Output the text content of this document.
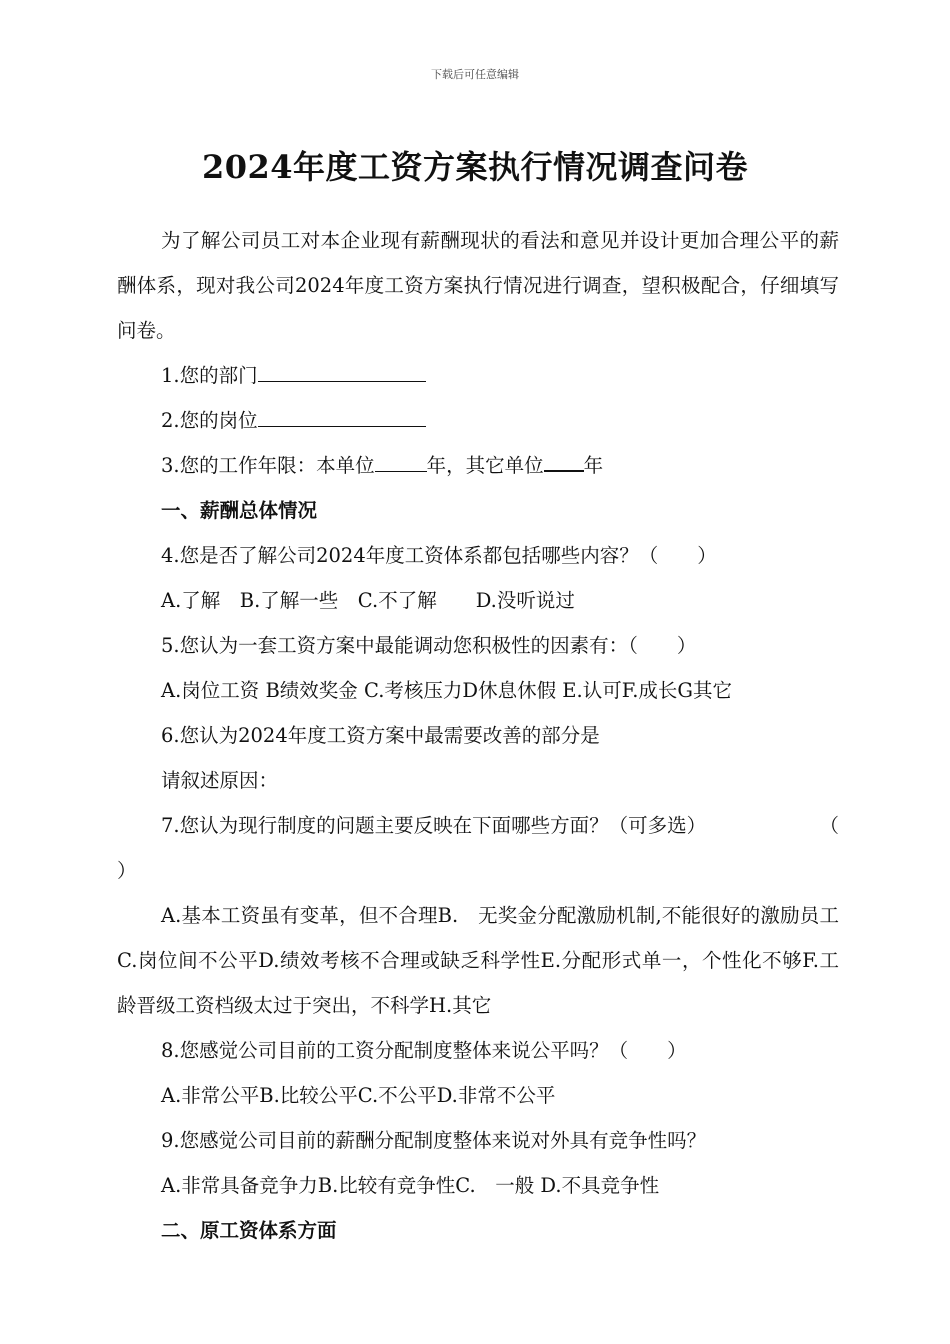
下载后可任意编辑
2024年度工资方案执行情况调查问卷

为了解公司员工对本企业现有薪酬现状的看法和意见并设计更加合理公平的薪酬体系，现对我公司2024年度工资方案执行情况进行调查，望积极配合，仔细填写问卷。

1.您的部门

2.您的岗位

3.您的工作年限：本单位	年，其它单位 年

一、薪酬总体情况

4.您是否了解公司2024年度工资体系都包括哪些内容？（　　）

A.了解　B.了解一些　C.不了解　　D.没听说过

5.您认为一套工资方案中最能调动您积极性的因素有：（　　）

A.岗位工资 B绩效奖金 C.考核压力D休息休假 E.认可F.成长G其它

6.您认为2024年度工资方案中最需要改善的部分是

请叙述原因：

7.您认为现行制度的问题主要反映在下面哪些方面？（可多选）	（

）

A.基本工资虽有变革，但不合理B.　无奖金分配激励机制,不能很好的激励员工C.岗位间不公平D.绩效考核不合理或缺乏科学性E.分配形式单一，个性化不够F.工龄晋级工资档级太过于突出，不科学H.其它

8.您感觉公司目前的工资分配制度整体来说公平吗？（　　）

A.非常公平B.比较公平C.不公平D.非常不公平

9.您感觉公司目前的薪酬分配制度整体来说对外具有竞争性吗？

A.非常具备竞争力B.比较有竞争性C.　一般 D.不具竞争性

二、原工资体系方面
